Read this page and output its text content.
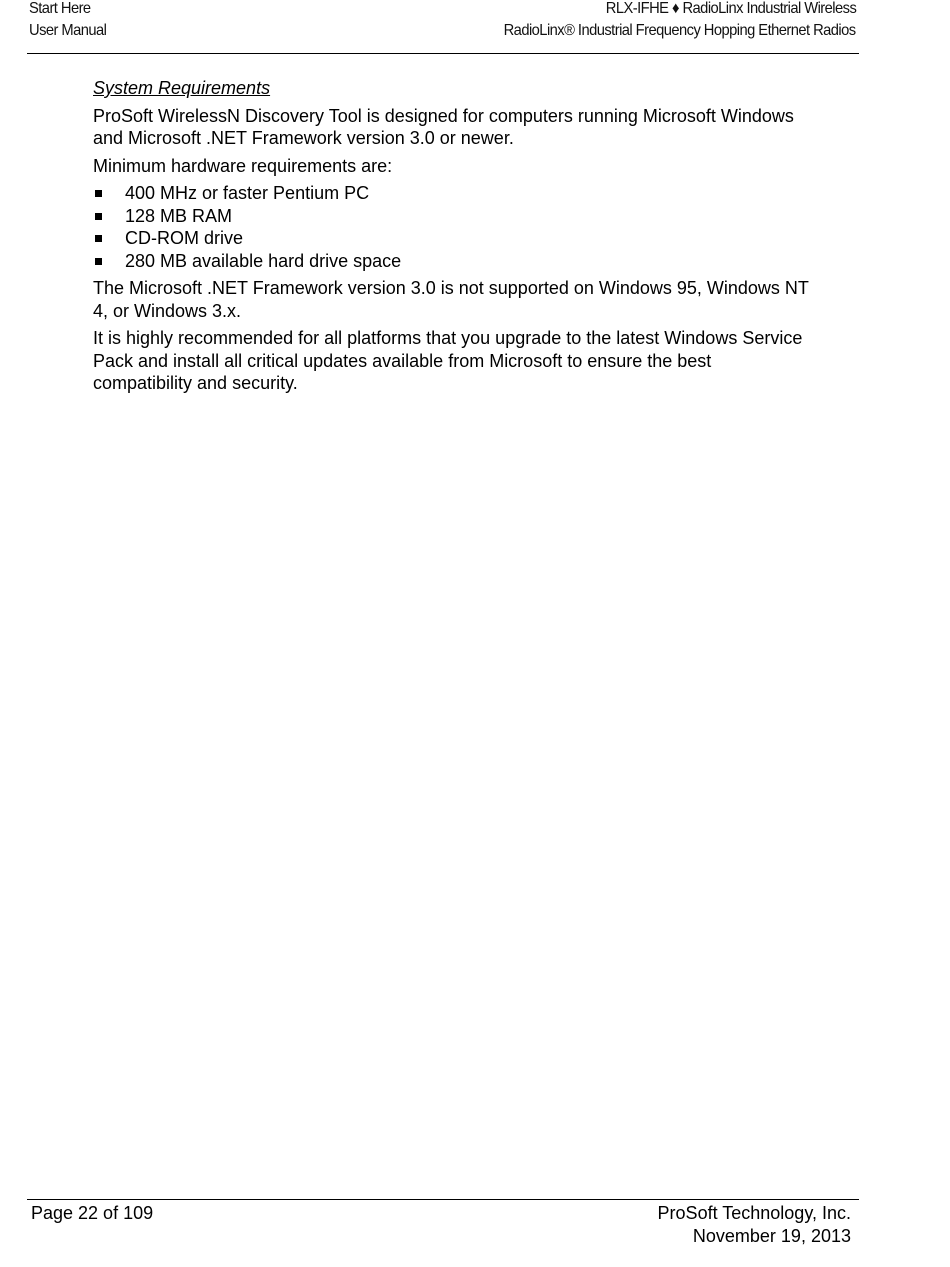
Start Here
User Manual
RLX-IFHE ♦ RadioLinx Industrial Wireless
RadioLinx® Industrial Frequency Hopping Ethernet Radios

System Requirements

ProSoft WirelessN Discovery Tool is designed for computers running Microsoft Windows and Microsoft .NET Framework version 3.0 or newer.

Minimum hardware requirements are:

400 MHz or faster Pentium PC
128 MB RAM
CD-ROM drive
280 MB available hard drive space

The Microsoft .NET Framework version 3.0 is not supported on Windows 95, Windows NT 4, or Windows 3.x.

It is highly recommended for all platforms that you upgrade to the latest Windows Service Pack and install all critical updates available from Microsoft to ensure the best compatibility and security.

Page 22 of 109	ProSoft Technology, Inc.
November 19, 2013
